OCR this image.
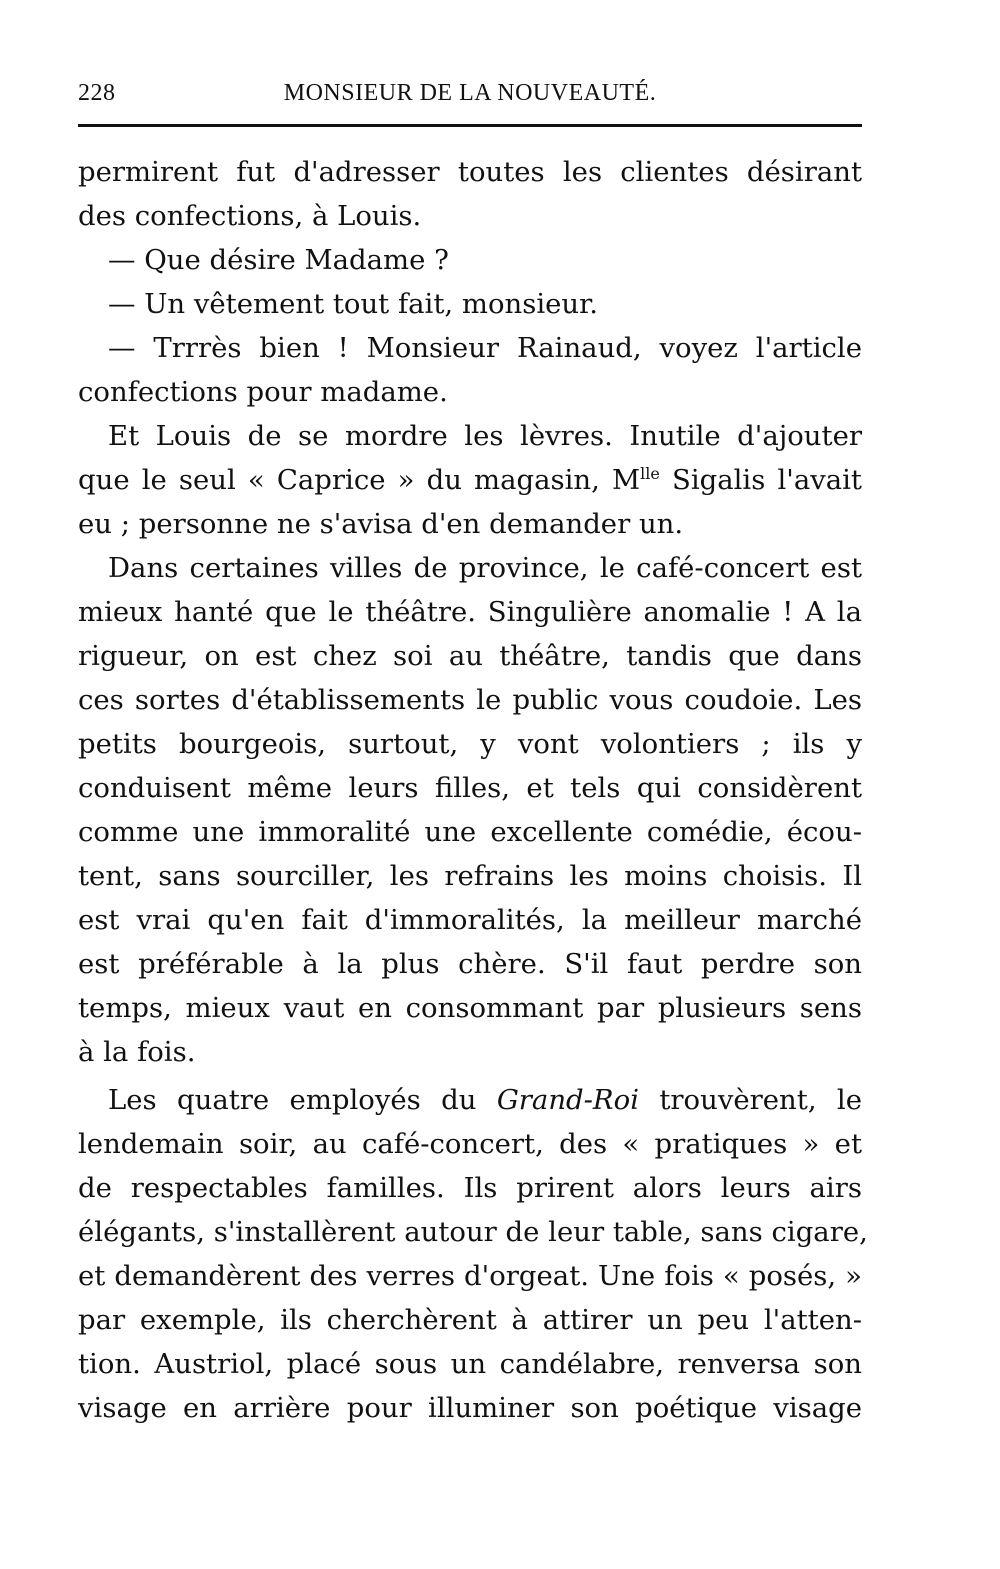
228	MONSIEUR DE LA NOUVEAUTÉ.
permirent fut d'adresser toutes les clientes désirant
des confections, à Louis.
— Que désire Madame ?
— Un vêtement tout fait, monsieur.
— Trrrès bien ! Monsieur Rainaud, voyez l'article
confections pour madame.
Et Louis de se mordre les lèvres. Inutile d'ajouter
que le seul « Caprice » du magasin, $M^{lle}$ Sigalis l'avait
eu ; personne ne s'avisa d'en demander un.
Dans certaines villes de province, le café-concert est
mieux hanté que le théâtre. Singulière anomalie ! A la
rigueur, on est chez soi au théâtre, tandis que dans
ces sortes d'établissements le public vous coudoie. Les
petits bourgeois, surtout, y vont volontiers ; ils y
conduisent même leurs filles, et tels qui considèrent
comme une immoralité une excellente comédie, écou-
tent, sans sourciller, les refrains les moins choisis. Il
est vrai qu'en fait d'immoralités, la meilleur marché
est préférable à la plus chère. S'il faut perdre son
temps, mieux vaut en consommant par plusieurs sens
à la fois.
Les quatre employés du Grand-Roi trouvèrent, le
lendemain soir, au café-concert, des « pratiques » et
de respectables familles. Ils prirent alors leurs airs
élégants, s'installèrent autour de leur table, sans cigare,
et demandèrent des verres d'orgeat. Une fois « posés, »
par exemple, ils cherchèrent à attirer un peu l'atten-
tion. Austriol, placé sous un candélabre, renversa son
visage en arrière pour illuminer son poétique visage
